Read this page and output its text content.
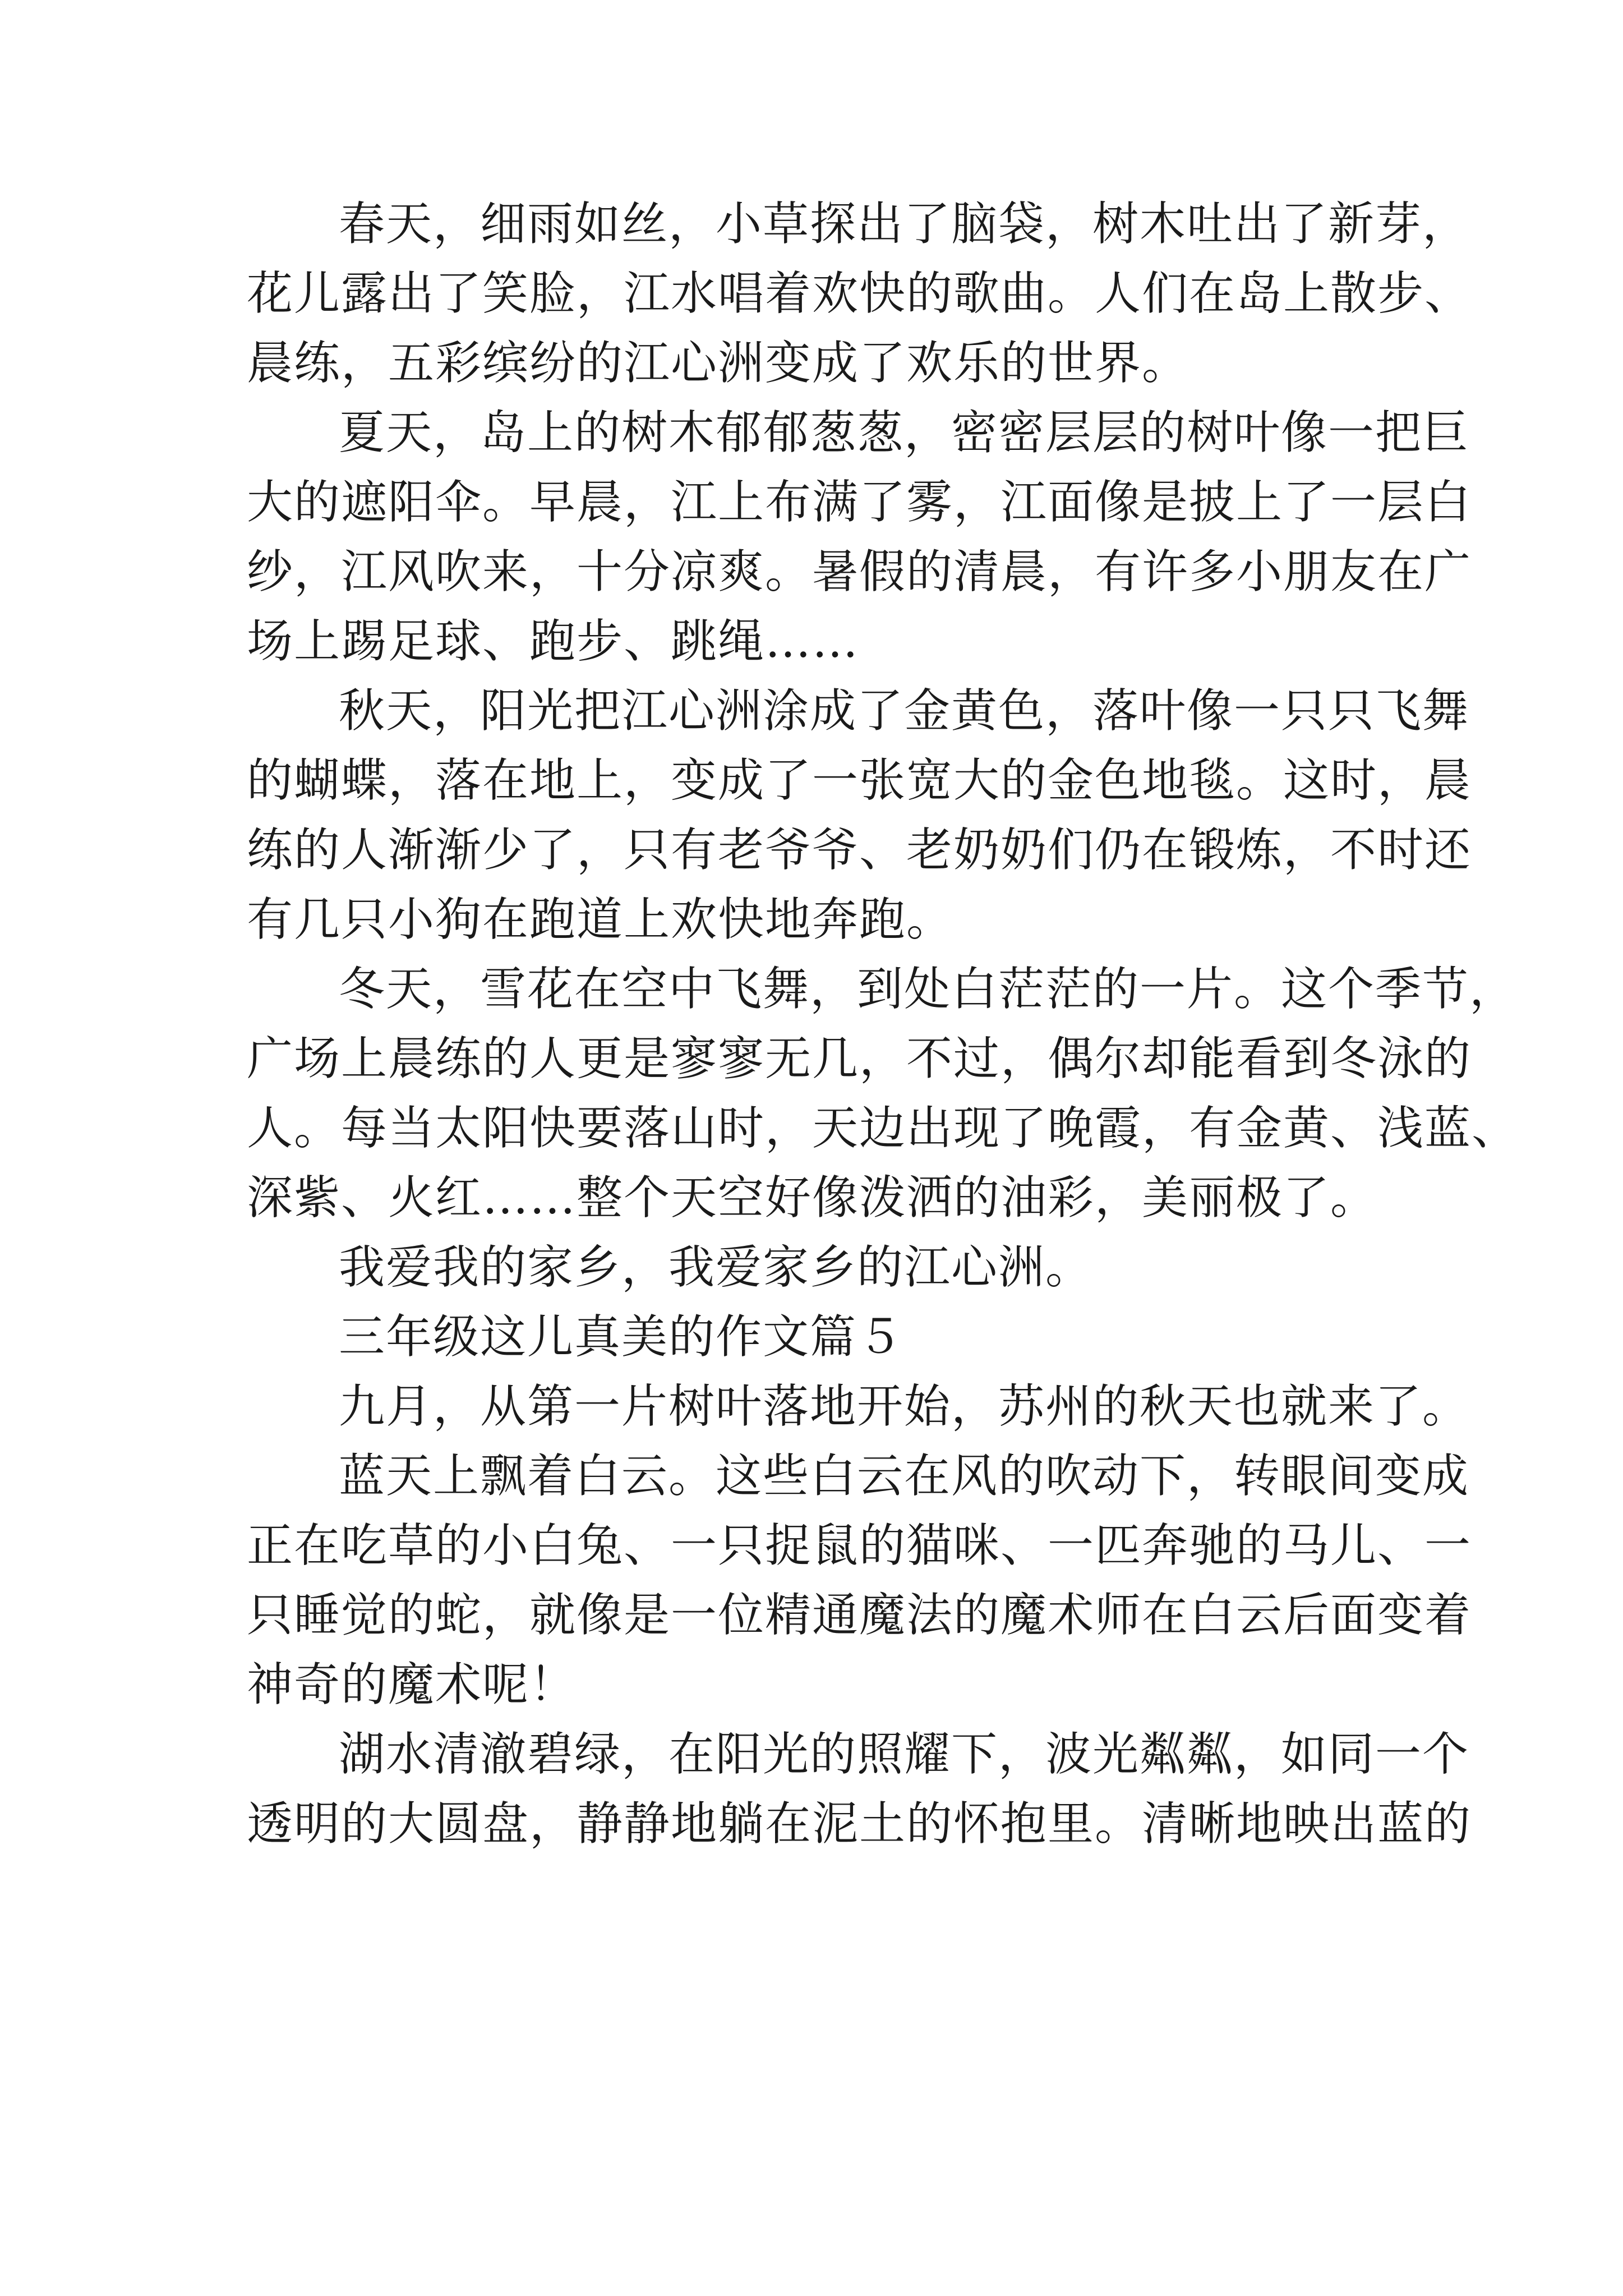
春天，细雨如丝，小草探出了脑袋，树木吐出了新芽，
花儿露出了笑脸，江水唱着欢快的歌曲。人们在岛上散步、
晨练，五彩缤纷的江心洲变成了欢乐的世界。
夏天，岛上的树木郁郁葱葱，密密层层的树叶像一把巨
大的遮阳伞。早晨，江上布满了雾，江面像是披上了一层白
纱，江风吹来，十分凉爽。暑假的清晨，有许多小朋友在广
场上踢足球、跑步、跳绳……
秋天，阳光把江心洲涂成了金黄色，落叶像一只只飞舞
的蝴蝶，落在地上，变成了一张宽大的金色地毯。这时，晨
练的人渐渐少了，只有老爷爷、老奶奶们仍在锻炼，不时还
有几只小狗在跑道上欢快地奔跑。
冬天，雪花在空中飞舞，到处白茫茫的一片。这个季节，
广场上晨练的人更是寥寥无几，不过，偶尔却能看到冬泳的
人。每当太阳快要落山时，天边出现了晚霞，有金黄、浅蓝、
深紫、火红……整个天空好像泼洒的油彩，美丽极了。
我爱我的家乡，我爱家乡的江心洲。
三年级这儿真美的作文篇５
九月，从第一片树叶落地开始，苏州的秋天也就来了。
蓝天上飘着白云。这些白云在风的吹动下，转眼间变成
正在吃草的小白兔、一只捉鼠的猫咪、一匹奔驰的马儿、一
只睡觉的蛇，就像是一位精通魔法的魔术师在白云后面变着
神奇的魔术呢！
湖水清澈碧绿，在阳光的照耀下，波光粼粼，如同一个
透明的大圆盘，静静地躺在泥土的怀抱里。清晰地映出蓝的
